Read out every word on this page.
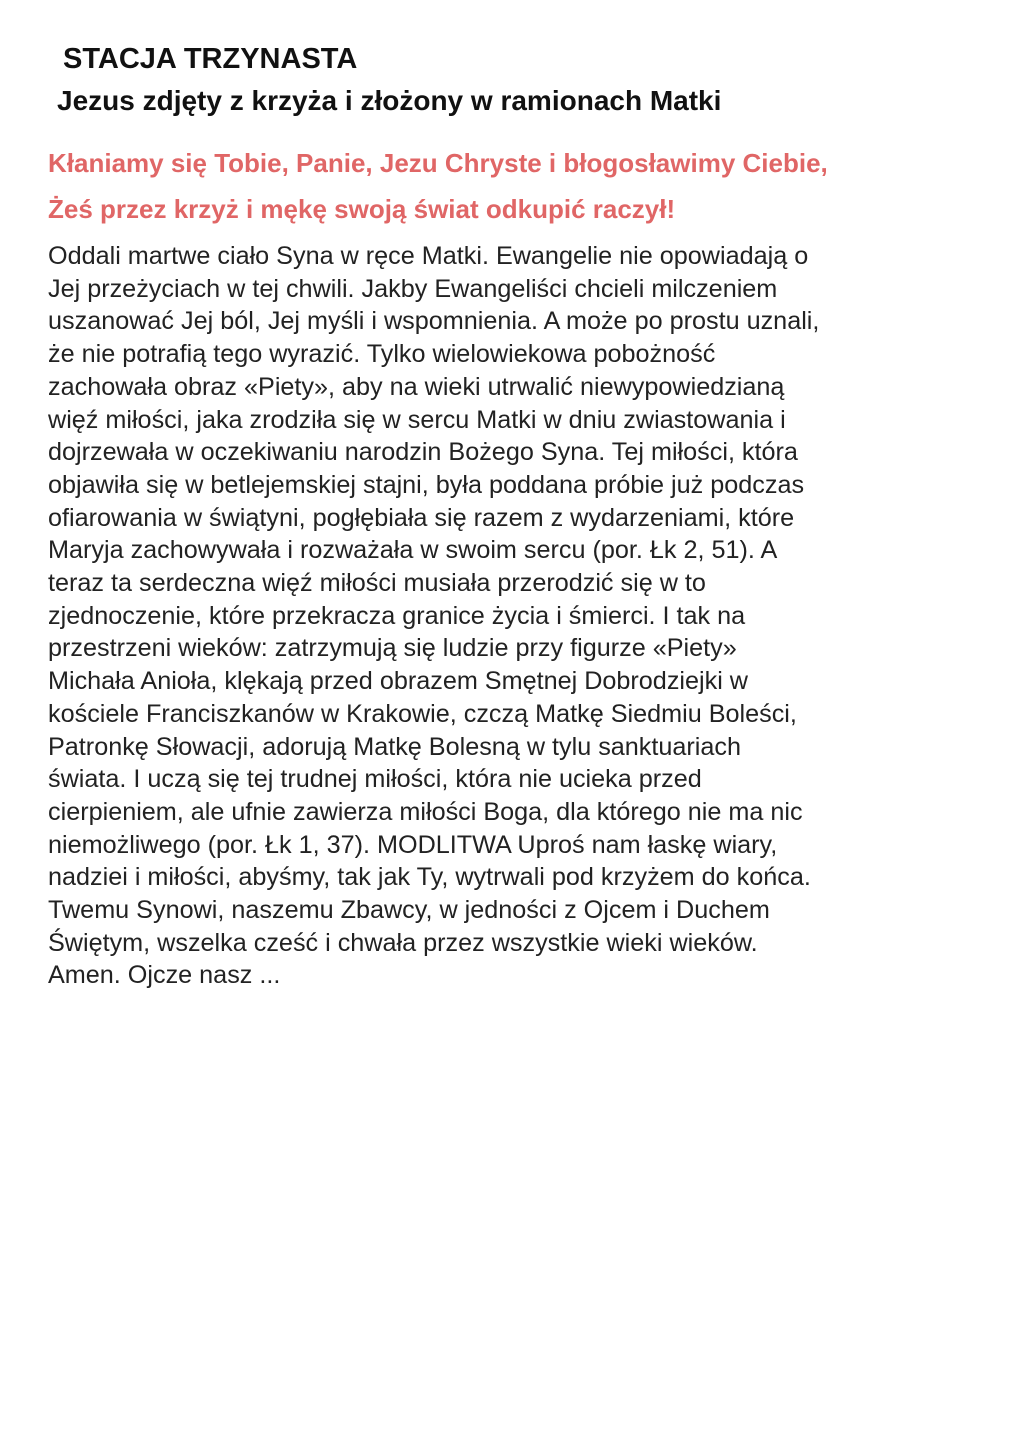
STACJA TRZYNASTA
Jezus zdjęty z krzyża i złożony w ramionach Matki

Kłaniamy się Tobie, Panie, Jezu Chryste i błogosławimy Ciebie,
Żeś przez krzyż i mękę swoją świat odkupić raczył!

Oddali martwe ciało Syna w ręce Matki. Ewangelie nie opowiadają o
Jej przeżyciach w tej chwili. Jakby Ewangeliści chcieli milczeniem
uszanować Jej ból, Jej myśli i wspomnienia. A może po prostu uznali,
że nie potrafią tego wyrazić. Tylko wielowiekowa pobożność
zachowała obraz «Piety», aby na wieki utrwalić niewypowiedzianą
więź miłości, jaka zrodziła się w sercu Matki w dniu zwiastowania i
dojrzewała w oczekiwaniu narodzin Bożego Syna. Tej miłości, która
objawiła się w betlejemskiej stajni, była poddana próbie już podczas
ofiarowania w świątyni, pogłębiała się razem z wydarzeniami, które
Maryja zachowywała i rozważała w swoim sercu (por. Łk 2, 51). A
teraz ta serdeczna więź miłości musiała przerodzić się w to
zjednoczenie, które przekracza granice życia i śmierci. I tak na
przestrzeni wieków: zatrzymują się ludzie przy figurze «Piety»
Michała Anioła, klękają przed obrazem Smętnej Dobrodziejki w
kościele Franciszkanów w Krakowie, czczą Matkę Siedmiu Boleści,
Patronkę Słowacji, adorują Matkę Bolesną w tylu sanktuariach
świata. I uczą się tej trudnej miłości, która nie ucieka przed
cierpieniem, ale ufnie zawierza miłości Boga, dla którego nie ma nic
niemożliwego (por. Łk 1, 37). MODLITWA Uproś nam łaskę wiary,
nadziei i miłości, abyśmy, tak jak Ty, wytrwali pod krzyżem do końca.
Twemu Synowi, naszemu Zbawcy, w jedności z Ojcem i Duchem
Świętym, wszelka cześć i chwała przez wszystkie wieki wieków.
Amen. Ojcze nasz ...
